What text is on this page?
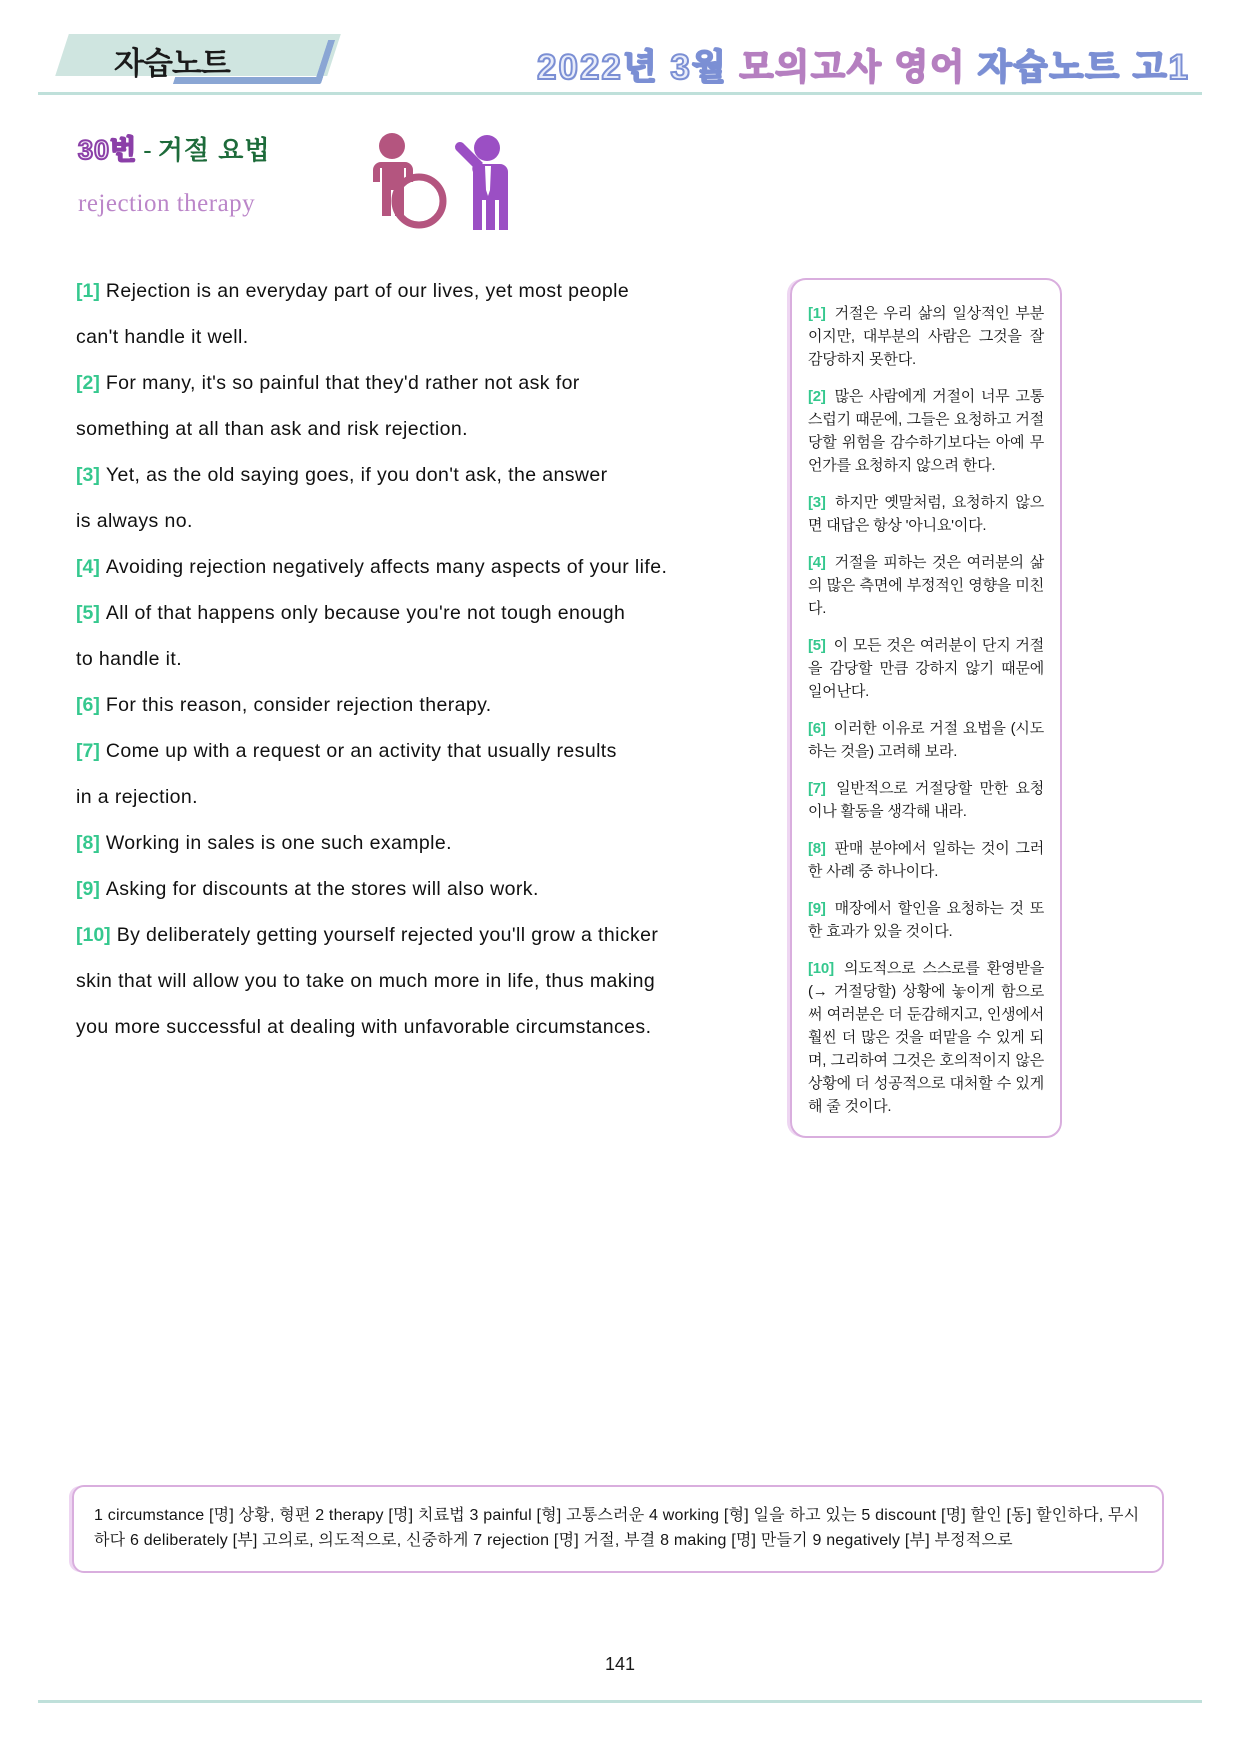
자습노트	2022년 3월 모의고사 영어 자습노트 고1
30번 - 거절 요법
rejection therapy
[1] Rejection is an everyday part of our lives, yet most people
can't handle it well.
[2] For many, it's so painful that they'd rather not ask for
something at all than ask and risk rejection.
[3] Yet, as the old saying goes, if you don't ask, the answer
is always no.
[4] Avoiding rejection negatively affects many aspects of your life.
[5] All of that happens only because you're not tough enough
to handle it.
[6] For this reason, consider rejection therapy.
[7] Come up with a request or an activity that usually results
in a rejection.
[8] Working in sales is one such example.
[9] Asking for discounts at the stores will also work.
[10] By deliberately getting yourself rejected you'll grow a thicker
skin that will allow you to take on much more in life, thus making
you more successful at dealing with unfavorable circumstances.
[1] 거절은 우리 삶의 일상적인 부분이지만, 대부분의 사람은 그것을 잘 감당하지 못한다.
[2] 많은 사람에게 거절이 너무 고통스럽기 때문에, 그들은 요청하고 거절당할 위험을 감수하기보다는 아예 무언가를 요청하지 않으려 한다.
[3] 하지만 옛말처럼, 요청하지 않으면 대답은 항상 '아니요'이다.
[4] 거절을 피하는 것은 여러분의 삶의 많은 측면에 부정적인 영향을 미친다.
[5] 이 모든 것은 여러분이 단지 거절을 감당할 만큼 강하지 않기 때문에 일어난다.
[6] 이러한 이유로 거절 요법을 (시도하는 것을) 고려해 보라.
[7] 일반적으로 거절당할 만한 요청이나 활동을 생각해 내라.
[8] 판매 분야에서 일하는 것이 그러한 사례 중 하나이다.
[9] 매장에서 할인을 요청하는 것 또한 효과가 있을 것이다.
[10] 의도적으로 스스로를 환영받을(→ 거절당할) 상황에 놓이게 함으로써 여러분은 더 둔감해지고, 인생에서 훨씬 더 많은 것을 떠맡을 수 있게 되며, 그리하여 그것은 호의적이지 않은 상황에 더 성공적으로 대처할 수 있게 해 줄 것이다.
1 circumstance [명] 상황, 형편 2 therapy [명] 치료법 3 painful [형] 고통스러운 4 working [형] 일을 하고 있는 5 discount [명] 할인 [동] 할인하다, 무시하다 6 deliberately [부] 고의로, 의도적으로, 신중하게 7 rejection [명] 거절, 부결 8 making [명] 만들기 9 negatively [부] 부정적으로
141
